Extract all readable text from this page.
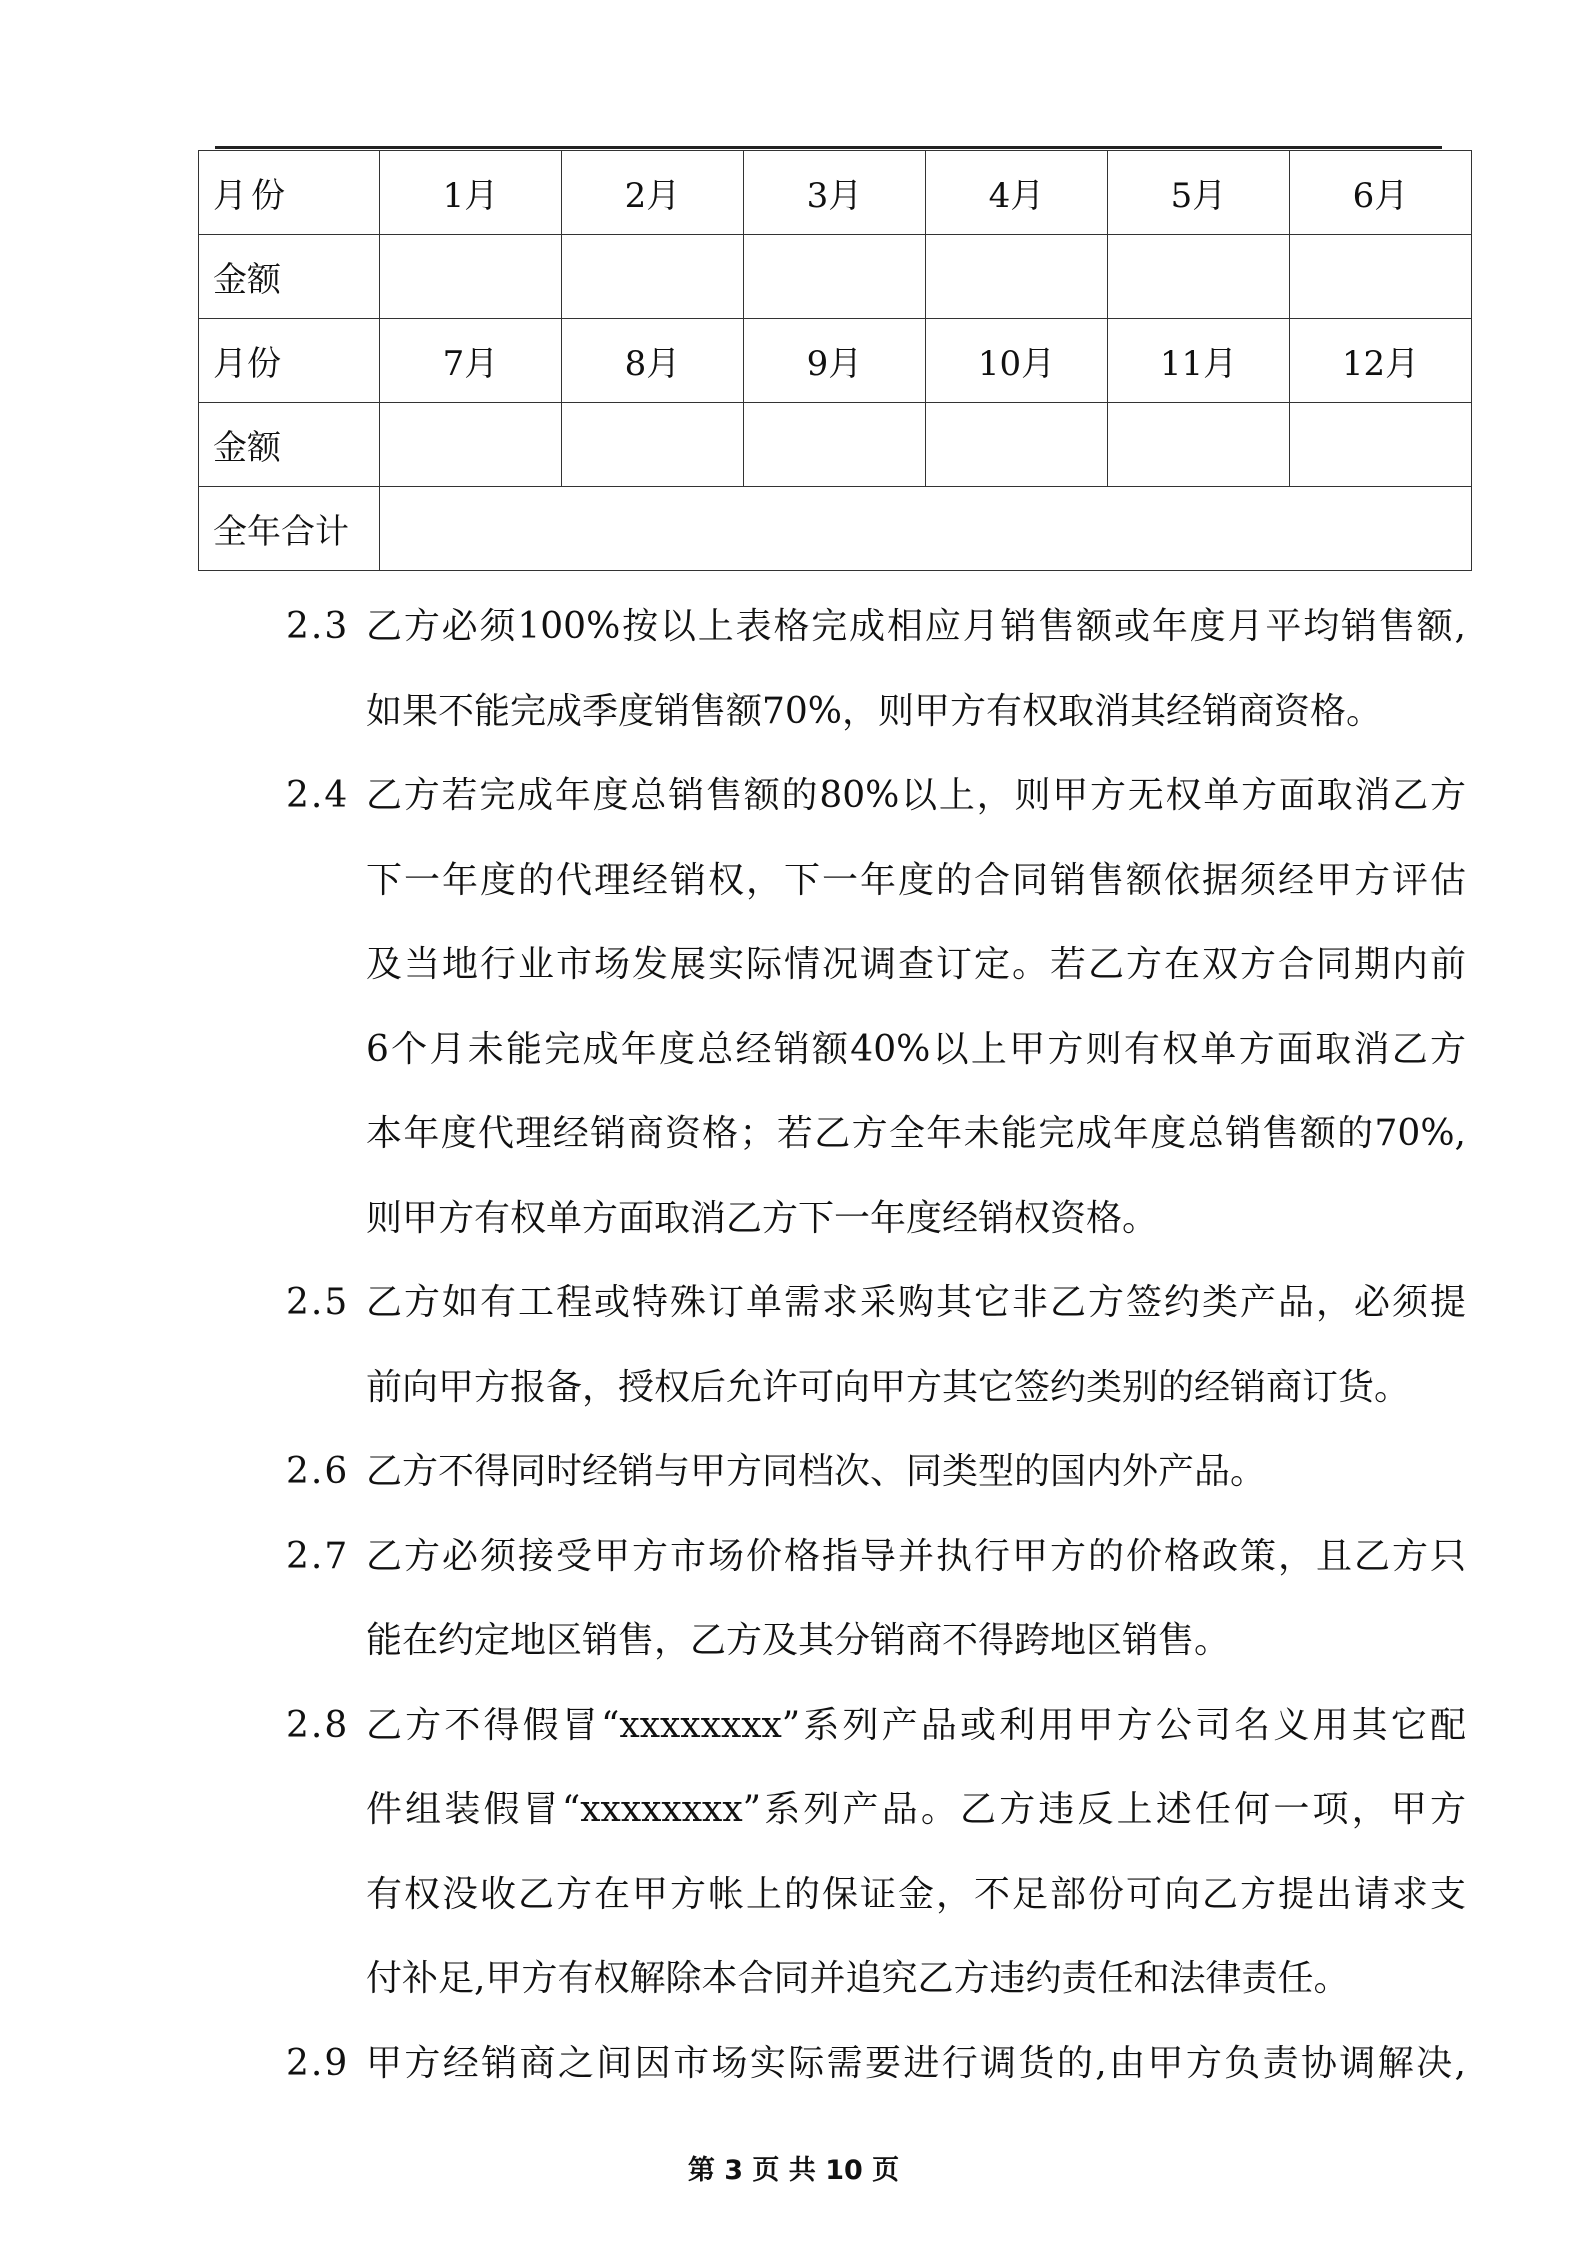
月份	1月	2月	3月	4月	5月	6月
金额						
月份	7月	8月	9月	10月	11月	12月
金额						
全年合计						
2.3 乙方必须100%按以上表格完成相应月销售额或年度月平均销售额,
如果不能完成季度销售额70%，则甲方有权取消其经销商资格。
2.4 乙方若完成年度总销售额的80%以上，则甲方无权单方面取消乙方
下一年度的代理经销权，下一年度的合同销售额依据须经甲方评估
及当地行业市场发展实际情况调查订定。若乙方在双方合同期内前
6个月未能完成年度总经销额40%以上甲方则有权单方面取消乙方
本年度代理经销商资格；若乙方全年未能完成年度总销售额的70%,
则甲方有权单方面取消乙方下一年度经销权资格。
2.5 乙方如有工程或特殊订单需求采购其它非乙方签约类产品，必须提
前向甲方报备，授权后允许可向甲方其它签约类别的经销商订货。
2.6 乙方不得同时经销与甲方同档次、同类型的国内外产品。
2.7 乙方必须接受甲方市场价格指导并执行甲方的价格政策，且乙方只
能在约定地区销售，乙方及其分销商不得跨地区销售。
2.8 乙方不得假冒“xxxxxxxx”系列产品或利用甲方公司名义用其它配
件组装假冒“xxxxxxxx”系列产品。乙方违反上述任何一项，甲方
有权没收乙方在甲方帐上的保证金，不足部份可向乙方提出请求支
付补足,甲方有权解除本合同并追究乙方违约责任和法律责任。
2.9 甲方经销商之间因市场实际需要进行调货的,由甲方负责协调解决,
第 3 页 共 10 页
